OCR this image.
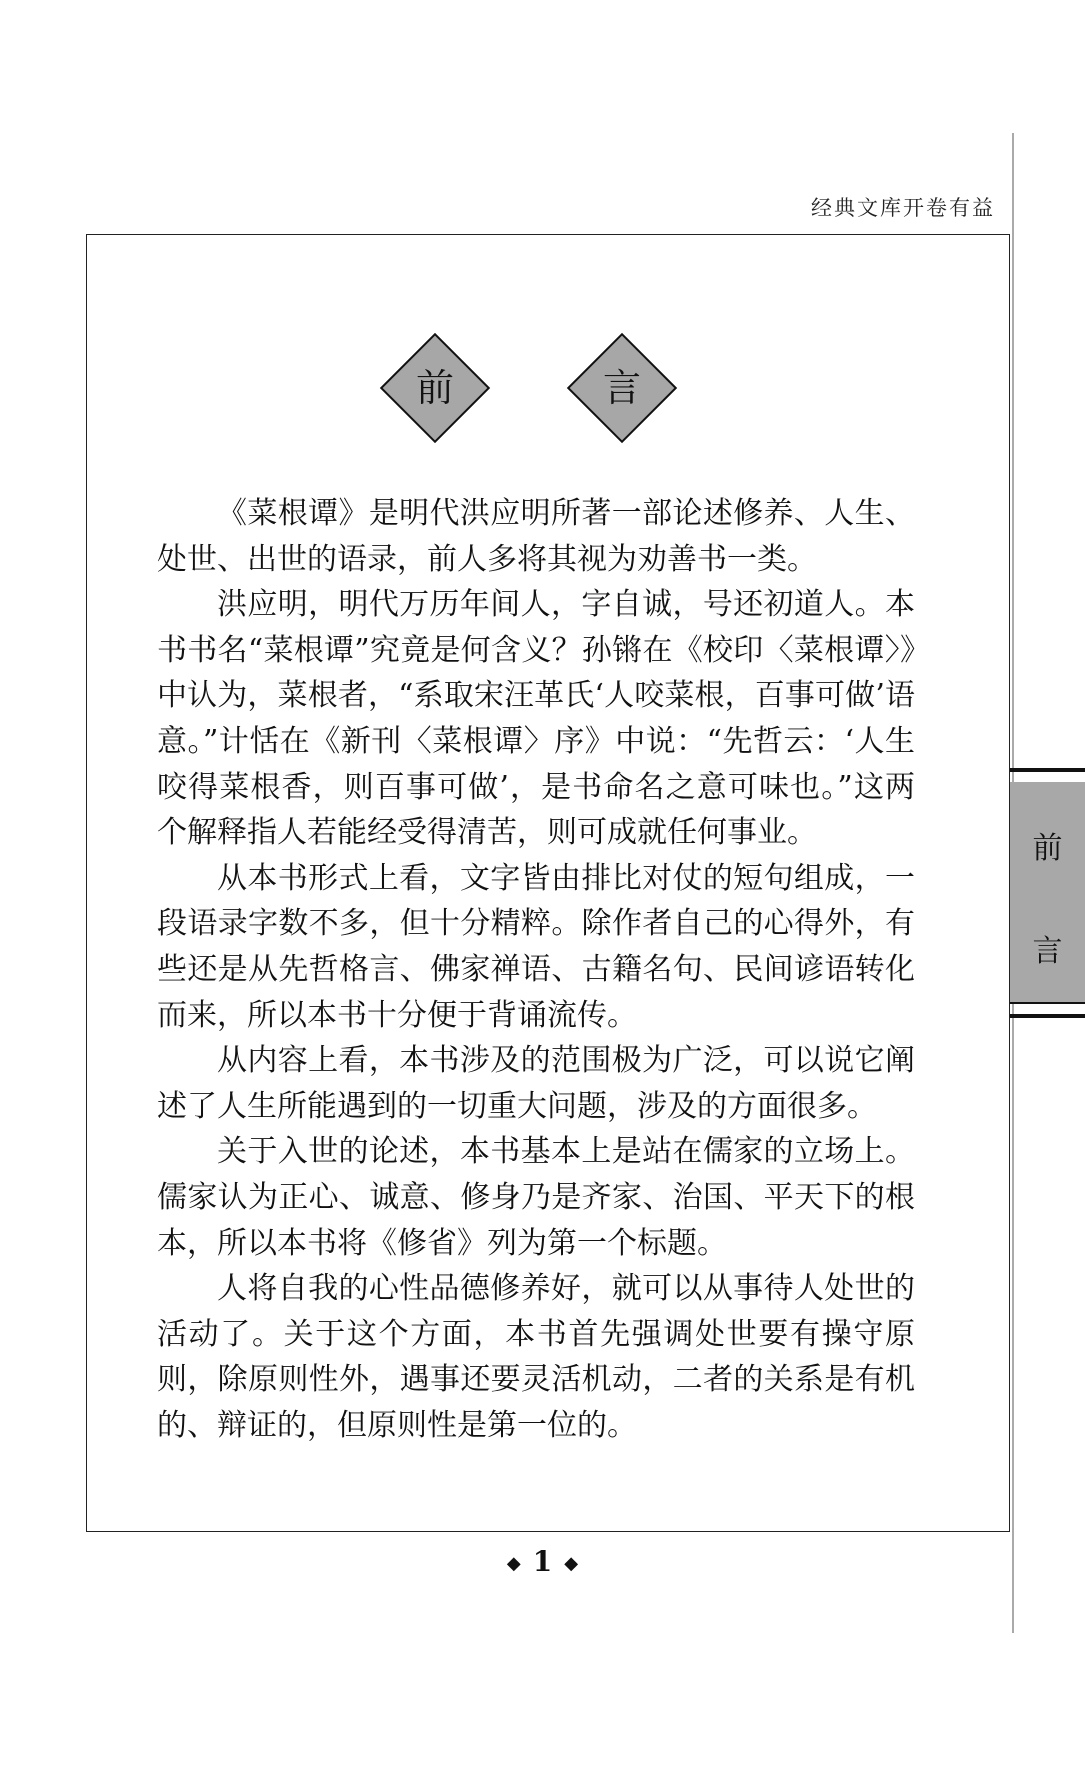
经典文库开卷有益
前	言

《菜根谭》是明代洪应明所著一部论述修养、人生、处世、出世的语录，前人多将其视为劝善书一类。

洪应明，明代万历年间人，字自诚，号还初道人。本书书名“菜根谭”究竟是何含义？孙锵在《校印〈菜根谭〉》中认为，菜根者，“系取宋汪革氏‘人咬菜根，百事可做’语意。”计恬在《新刊〈菜根谭〉序》中说：“先哲云：‘人生咬得菜根香，则百事可做’，是书命名之意可味也。”这两个解释指人若能经受得清苦，则可成就任何事业。

从本书形式上看，文字皆由排比对仗的短句组成，一段语录字数不多，但十分精粹。除作者自己的心得外，有些还是从先哲格言、佛家禅语、古籍名句、民间谚语转化而来，所以本书十分便于背诵流传。

从内容上看，本书涉及的范围极为广泛，可以说它阐述了人生所能遇到的一切重大问题，涉及的方面很多。

关于入世的论述，本书基本上是站在儒家的立场上。儒家认为正心、诚意、修身乃是齐家、治国、平天下的根本，所以本书将《修省》列为第一个标题。

人将自我的心性品德修养好，就可以从事待人处世的活动了。关于这个方面，本书首先强调处世要有操守原则，除原则性外，遇事还要灵活机动，二者的关系是有机的、辩证的，但原则性是第一位的。

前
言
◆ 1 ◆
